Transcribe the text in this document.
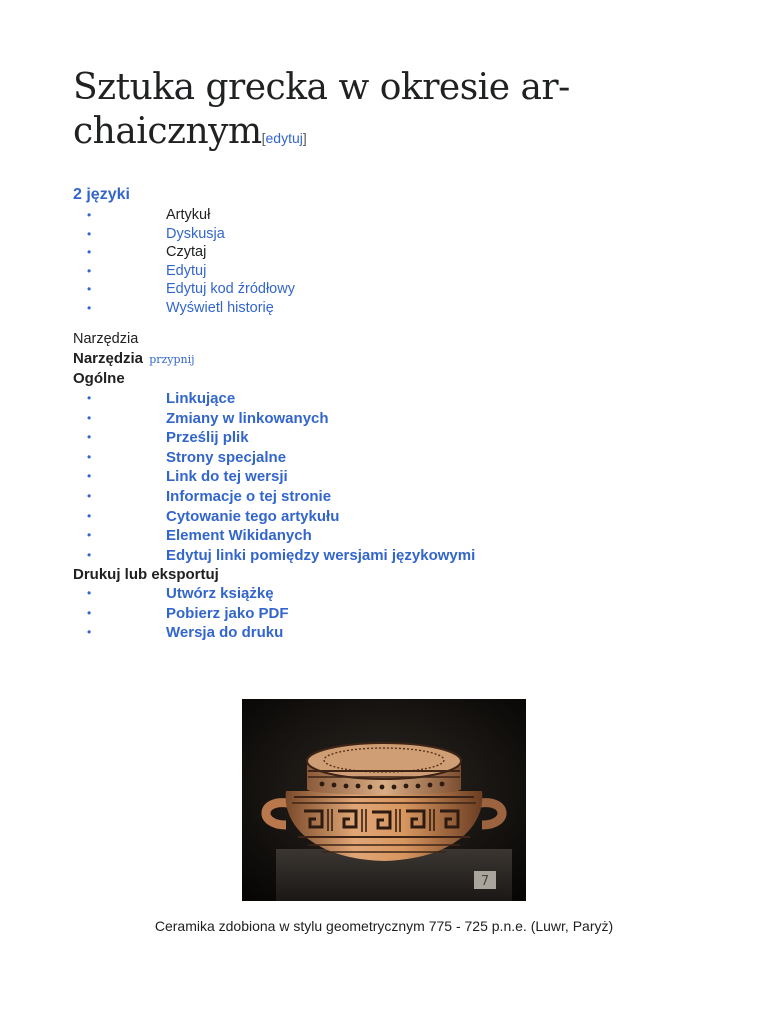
Sztuka grecka w okresie ar-
chaicznym[edytuj]
2 języki
•	Artykuł
•	Dyskusja
•	Czytaj
•	Edytuj
•	Edytuj kod źródłowy
•	Wyświetl historię
Narzędzia
Narzędzia przypnij
Ogólne
•	Linkujące
•	Zmiany w linkowanych
•	Prześlij plik
•	Strony specjalne
•	Link do tej wersji
•	Informacje o tej stronie
•	Cytowanie tego artykułu
•	Element Wikidanych
•	Edytuj linki pomiędzy wersjami językowymi
Drukuj lub eksportuj
•	Utwórz książkę
•	Pobierz jako PDF
•	Wersja do druku
7
Ceramika zdobiona w stylu geometrycznym 775 - 725 p.n.e. (Luwr, Paryż)
